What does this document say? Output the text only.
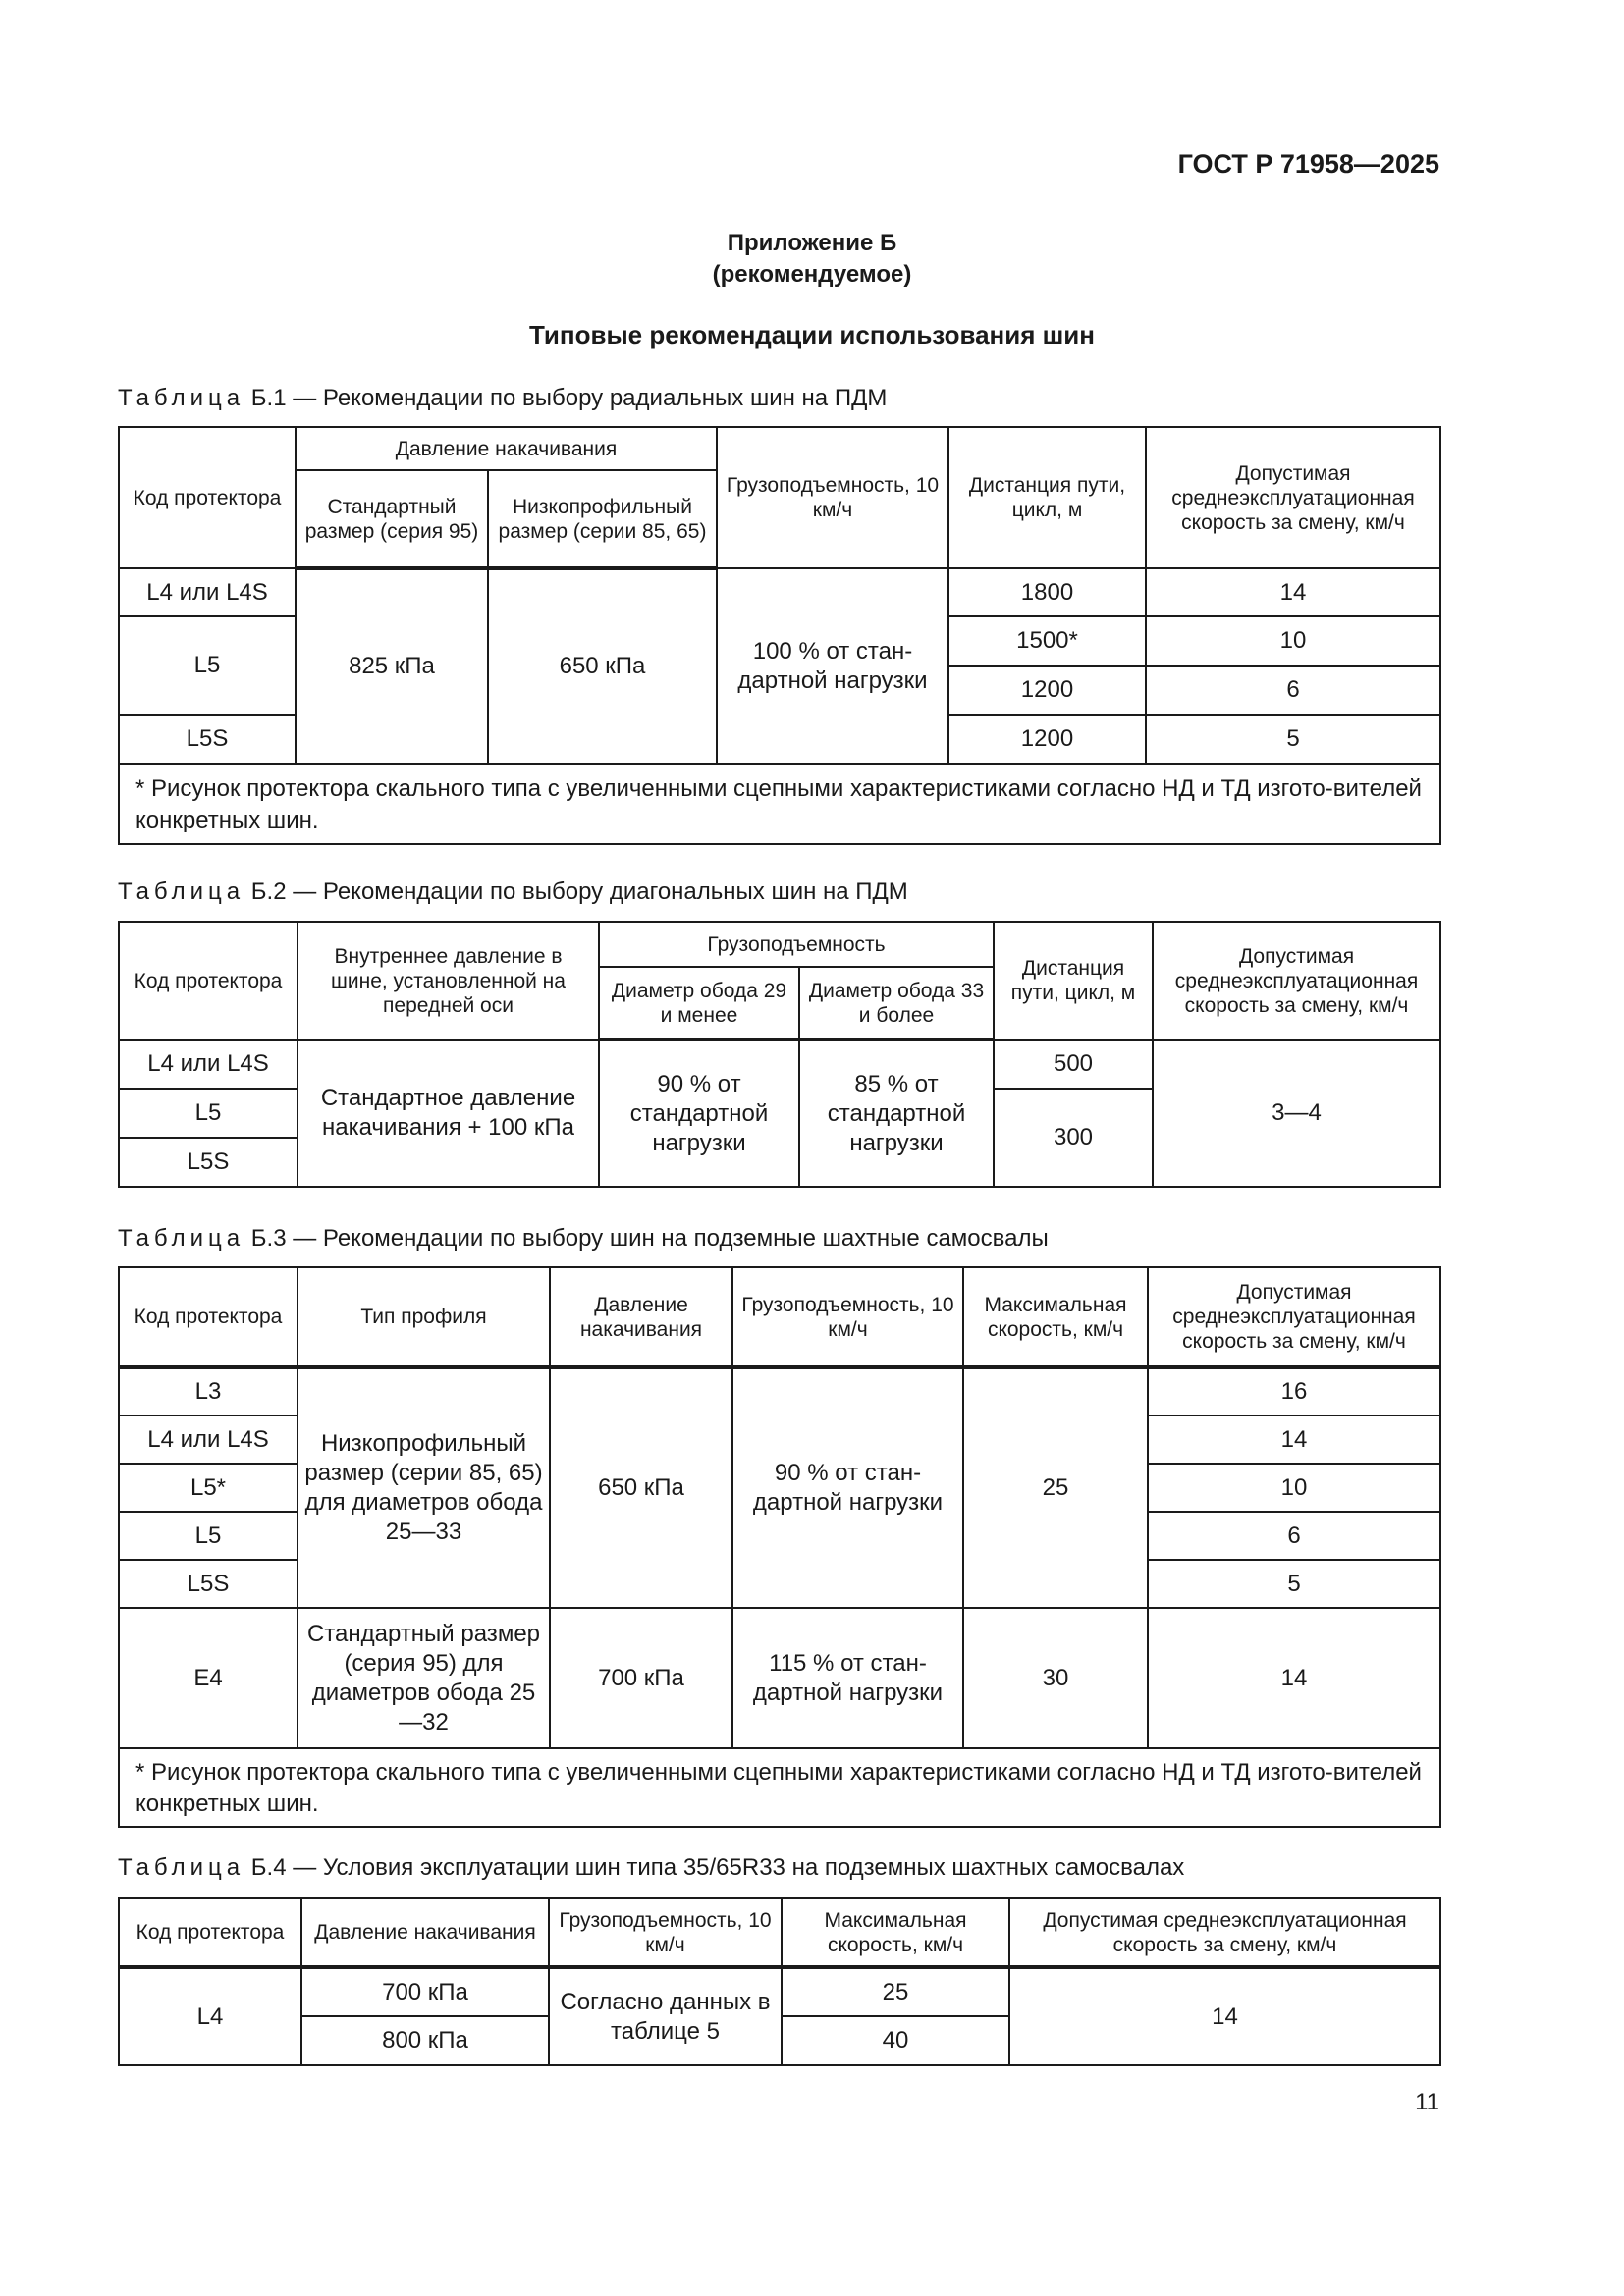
ГОСТ Р 71958—2025
Приложение Б
(рекомендуемое)
Типовые рекомендации использования шин
Таблица Б.1 — Рекомендации по выбору радиальных шин на ПДМ
Код протектора	Давление накачивания		Грузоподъемность, 10 км/ч	Дистанция пути, цикл, м	Допустимая среднеэксплуатационная скорость за смену, км/ч
	Стандартный размер (серия 95)	Низкопрофильный размер (серии 85, 65)			
L4 или L4S	825 кПа	650 кПа	100 % от стан-дартной нагрузки	1800	14
L5				1500*	10
				1200	6
L5S				1200	5
* Рисунок протектора скального типа с увеличенными сцепными характеристиками согласно НД и ТД изгото-вителей конкретных шин.					
Таблица Б.2 — Рекомендации по выбору диагональных шин на ПДМ
Код протектора	Внутреннее давление в шине, установленной на передней оси	Грузоподъемность		Дистанция пути, цикл, м	Допустимая среднеэксплуатационная скорость за смену, км/ч
		Диаметр обода 29 и менее	Диаметр обода 33 и более		
L4 или L4S	Стандартное давление накачивания + 100 кПа	90 % от стандартной нагрузки	85 % от стандартной нагрузки	500	3—4
L5				300	
L5S					
Таблица Б.3 — Рекомендации по выбору шин на подземные шахтные самосвалы
Код протектора	Тип профиля	Давление накачивания	Грузоподъемность, 10 км/ч	Максимальная скорость, км/ч	Допустимая среднеэксплуатационная скорость за смену, км/ч
L3	Низкопрофильный размер (серии 85, 65) для диаметров обода 25—33	650 кПа	90 % от стан-дартной нагрузки	25	16
L4 или L4S					14
L5*					10
L5					6
L5S					5
E4	Стандартный размер (серия 95) для диаметров обода 25—32	700 кПа	115 % от стан-дартной нагрузки	30	14
* Рисунок протектора скального типа с увеличенными сцепными характеристиками согласно НД и ТД изгото-вителей конкретных шин.					
Таблица Б.4 — Условия эксплуатации шин типа 35/65R33 на подземных шахтных самосвалах
Код протектора	Давление накачивания	Грузоподъемность, 10 км/ч	Максимальная скорость, км/ч	Допустимая среднеэксплуатационная скорость за смену, км/ч
L4	700 кПа	Согласно данных в таблице 5	25	14
	800 кПа		40	
11
